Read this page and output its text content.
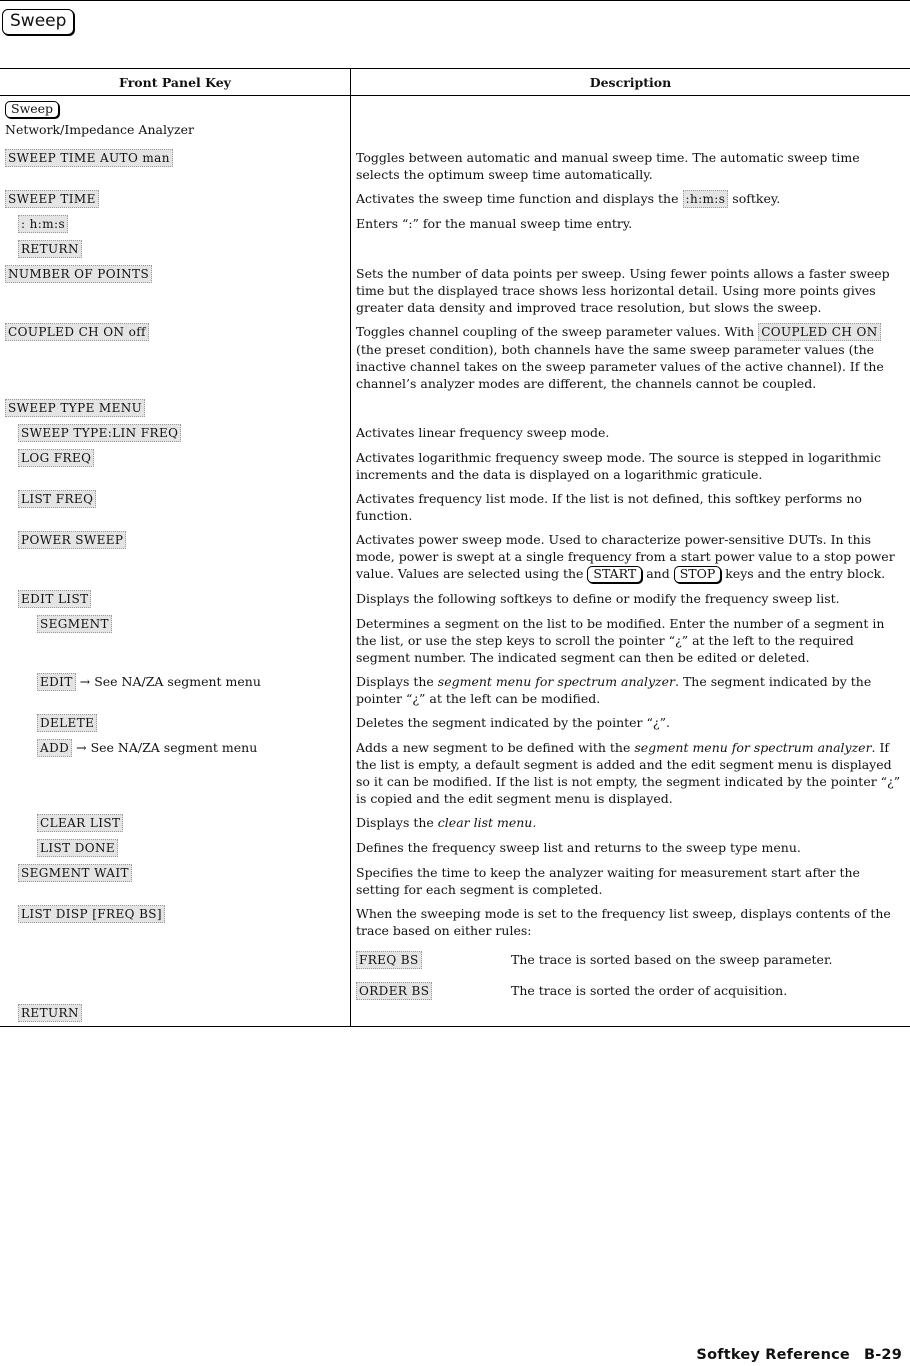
Sweep
Front Panel Key	Description
Sweep
Network/Impedance Analyzer	
SWEEP TIME AUTO man	Toggles between automatic and manual sweep time. The automatic sweep time selects the optimum sweep time automatically.
SWEEP TIME	Activates the sweep time function and displays the :h:m:s softkey.
: h:m:s	Enters “:” for the manual sweep time entry.
RETURN	
NUMBER OF POINTS	Sets the number of data points per sweep. Using fewer points allows a faster sweep time but the displayed trace shows less horizontal detail. Using more points gives greater data density and improved trace resolution, but slows the sweep.
COUPLED CH ON off	Toggles channel coupling of the sweep parameter values. With COUPLED CH ON (the preset condition), both channels have the same sweep parameter values (the inactive channel takes on the sweep parameter values of the active channel). If the channel’s analyzer modes are different, the channels cannot be coupled.
SWEEP TYPE MENU	
SWEEP TYPE:LIN FREQ	Activates linear frequency sweep mode.
LOG FREQ	Activates logarithmic frequency sweep mode. The source is stepped in logarithmic increments and the data is displayed on a logarithmic graticule.
LIST FREQ	Activates frequency list mode. If the list is not defined, this softkey performs no function.
POWER SWEEP	Activates power sweep mode. Used to characterize power-sensitive DUTs. In this mode, power is swept at a single frequency from a start power value to a stop power value. Values are selected using the START and STOP keys and the entry block.
EDIT LIST	Displays the following softkeys to define or modify the frequency sweep list.
SEGMENT	Determines a segment on the list to be modified. Enter the number of a segment in the list, or use the step keys to scroll the pointer “¿” at the left to the required segment number. The indicated segment can then be edited or deleted.
EDIT → See NA/ZA segment menu	Displays the segment menu for spectrum analyzer. The segment indicated by the pointer “¿” at the left can be modified.
DELETE	Deletes the segment indicated by the pointer “¿”.
ADD → See NA/ZA segment menu	Adds a new segment to be defined with the segment menu for spectrum analyzer. If the list is empty, a default segment is added and the edit segment menu is displayed so it can be modified. If the list is not empty, the segment indicated by the pointer “¿” is copied and the edit segment menu is displayed.
CLEAR LIST	Displays the clear list menu.
LIST DONE	Defines the frequency sweep list and returns to the sweep type menu.
SEGMENT WAIT	Specifies the time to keep the analyzer waiting for measurement start after the setting for each segment is completed.
LIST DISP [FREQ BS]	When the sweeping mode is set to the frequency list sweep, displays contents of the trace based on either rules:
FREQ BS The trace is sorted based on the sweep parameter.
ORDER BS The trace is sorted the order of acquisition.

RETURN	
Softkey Reference B-29
